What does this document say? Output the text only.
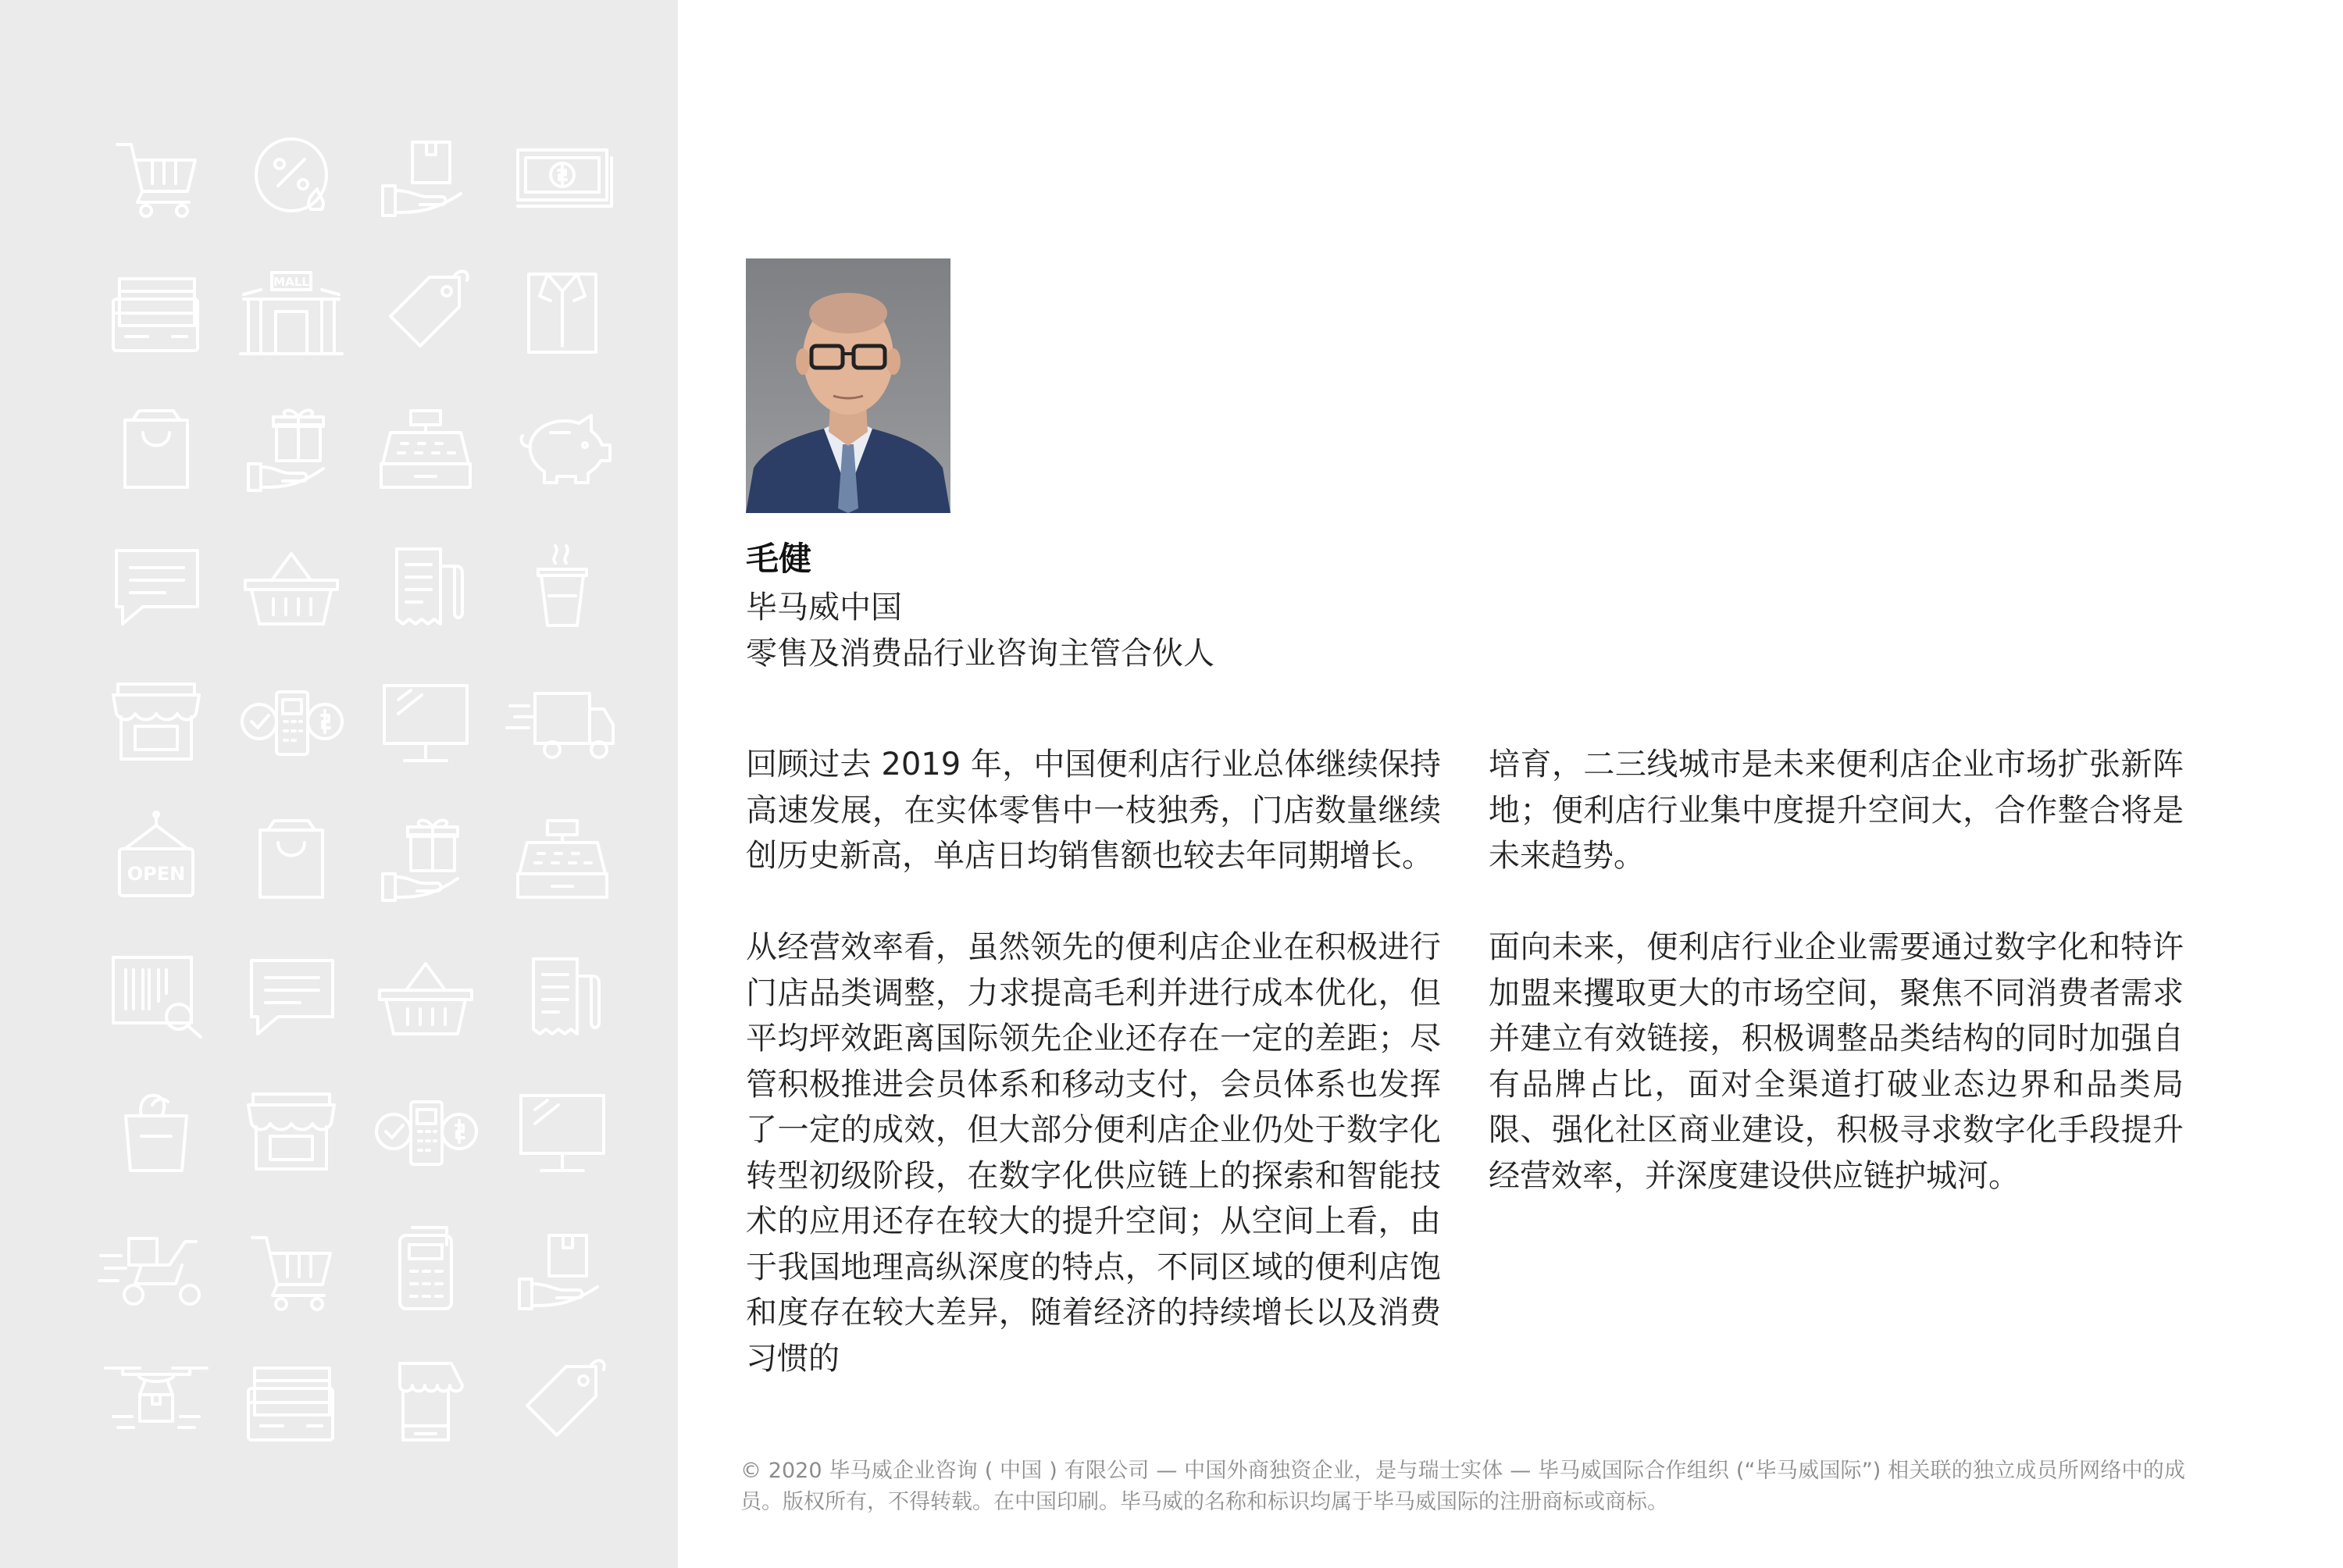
MALL
OPEN
毛健
毕马威中国
零售及消费品行业咨询主管合伙人

回顾过去 2019 年，中国便利店行业总体继续保持高速发展，在实体零售中一枝独秀，门店数量继续创历史新高，单店日均销售额也较去年同期增长。

从经营效率看，虽然领先的便利店企业在积极进行门店品类调整，力求提高毛利并进行成本优化，但平均坪效距离国际领先企业还存在一定的差距；尽管积极推进会员体系和移动支付，会员体系也发挥了一定的成效，但大部分便利店企业仍处于数字化转型初级阶段，在数字化供应链上的探索和智能技术的应用还存在较大的提升空间；从空间上看，由于我国地理高纵深度的特点，不同区域的便利店饱和度存在较大差异，随着经济的持续增长以及消费习惯的

培育，二三线城市是未来便利店企业市场扩张新阵地；便利店行业集中度提升空间大，合作整合将是未来趋势。

面向未来，便利店行业企业需要通过数字化和特许加盟来攫取更大的市场空间，聚焦不同消费者需求并建立有效链接，积极调整品类结构的同时加强自有品牌占比，面对全渠道打破业态边界和品类局限、强化社区商业建设，积极寻求数字化手段提升经营效率，并深度建设供应链护城河。

© 2020 毕马威企业咨询 ( 中国 ) 有限公司 — 中国外商独资企业，是与瑞士实体 — 毕马威国际合作组织 (“毕马威国际”) 相关联的独立成员所网络中的成员。版权所有，不得转载。在中国印刷。毕马威的名称和标识均属于毕马威国际的注册商标或商标。
